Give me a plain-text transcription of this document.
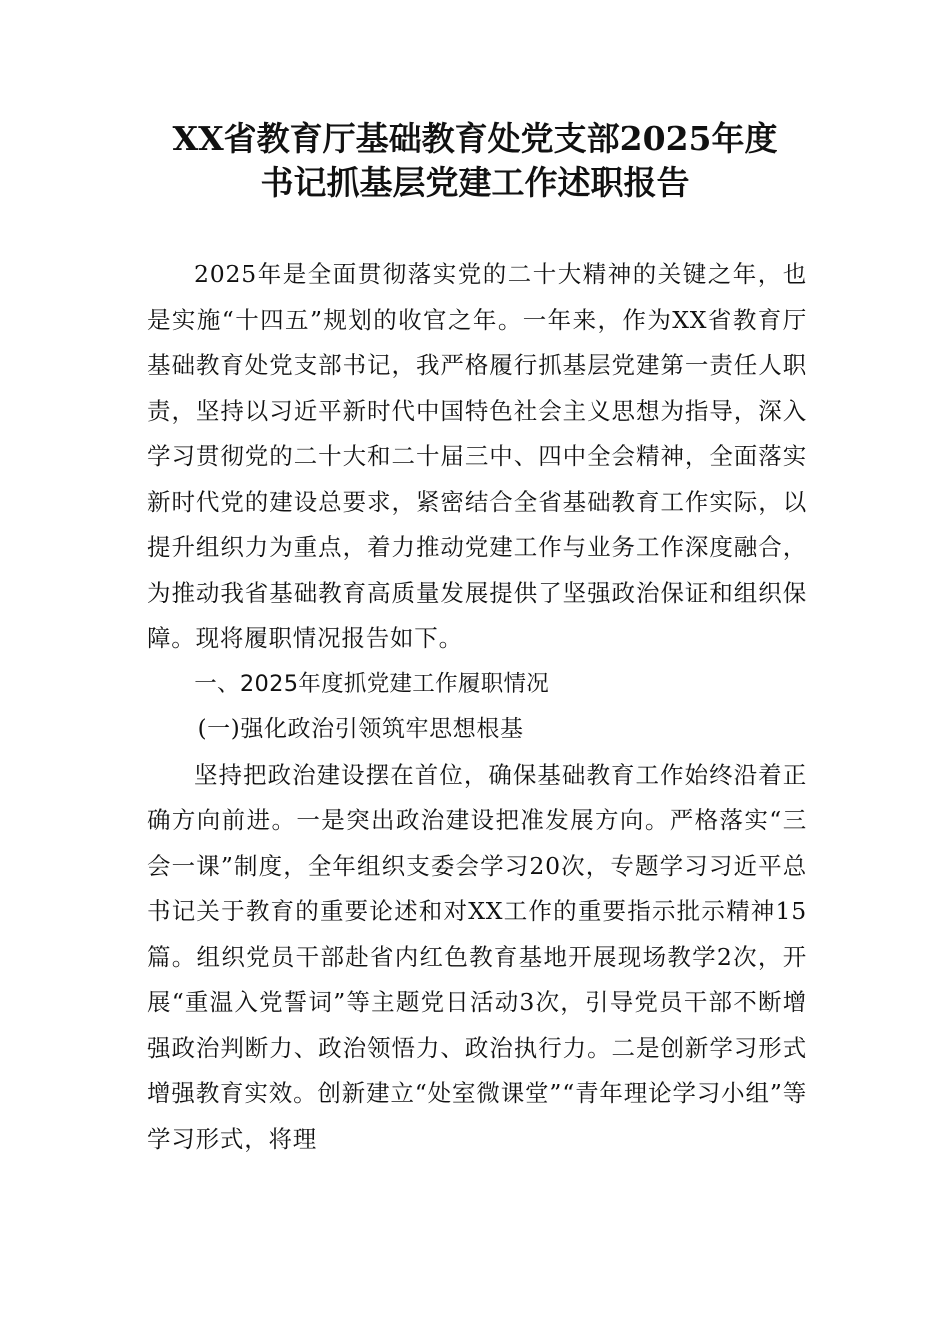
XX省教育厅基础教育处党支部2025年度
书记抓基层党建工作述职报告

2025年是全面贯彻落实党的二十大精神的关键之年，也是实施“十四五”规划的收官之年。一年来，作为XX省教育厅基础教育处党支部书记，我严格履行抓基层党建第一责任人职责，坚持以习近平新时代中国特色社会主义思想为指导，深入学习贯彻党的二十大和二十届三中、四中全会精神，全面落实新时代党的建设总要求，紧密结合全省基础教育工作实际，以提升组织力为重点，着力推动党建工作与业务工作深度融合，为推动我省基础教育高质量发展提供了坚强政治保证和组织保障。现将履职情况报告如下。

一、2025年度抓党建工作履职情况

(一)强化政治引领筑牢思想根基

坚持把政治建设摆在首位，确保基础教育工作始终沿着正确方向前进。一是突出政治建设把准发展方向。严格落实“三会一课”制度，全年组织支委会学习20次，专题学习习近平总书记关于教育的重要论述和对XX工作的重要指示批示精神15篇。组织党员干部赴省内红色教育基地开展现场教学2次，开展“重温入党誓词”等主题党日活动3次，引导党员干部不断增强政治判断力、政治领悟力、政治执行力。二是创新学习形式增强教育实效。创新建立“处室微课堂”“青年理论学习小组”等学习形式，将理
